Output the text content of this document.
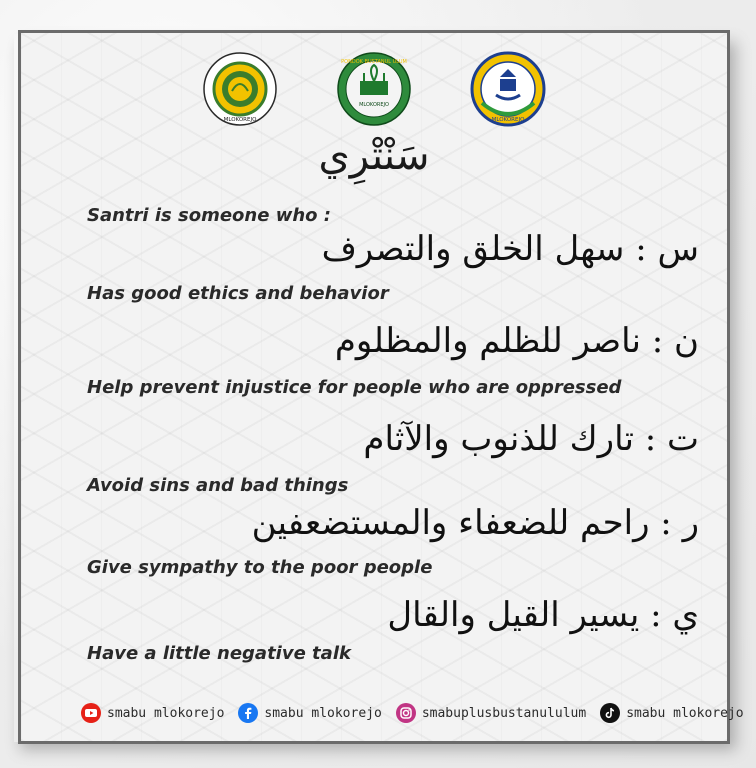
MLOKOREJO
MLOKOREJO
PONDOK BUSTANUL ULUM
MLOKOREJO
سَنْتْرِي
Santri is someone who :
س : سهل الخلق والتصرف
Has good ethics and behavior
ن : ناصر للظلم والمظلوم
Help prevent injustice for people who are oppressed
ت : تارك للذنوب والآثام
Avoid sins and bad things
ر : راحم للضعفاء والمستضعفين
Give sympathy to the poor people
ي : يسير القيل والقال
Have a little negative talk
smabu mlokorejo	smabu mlokorejo	smabuplusbustanululum	smabu mlokorejo
